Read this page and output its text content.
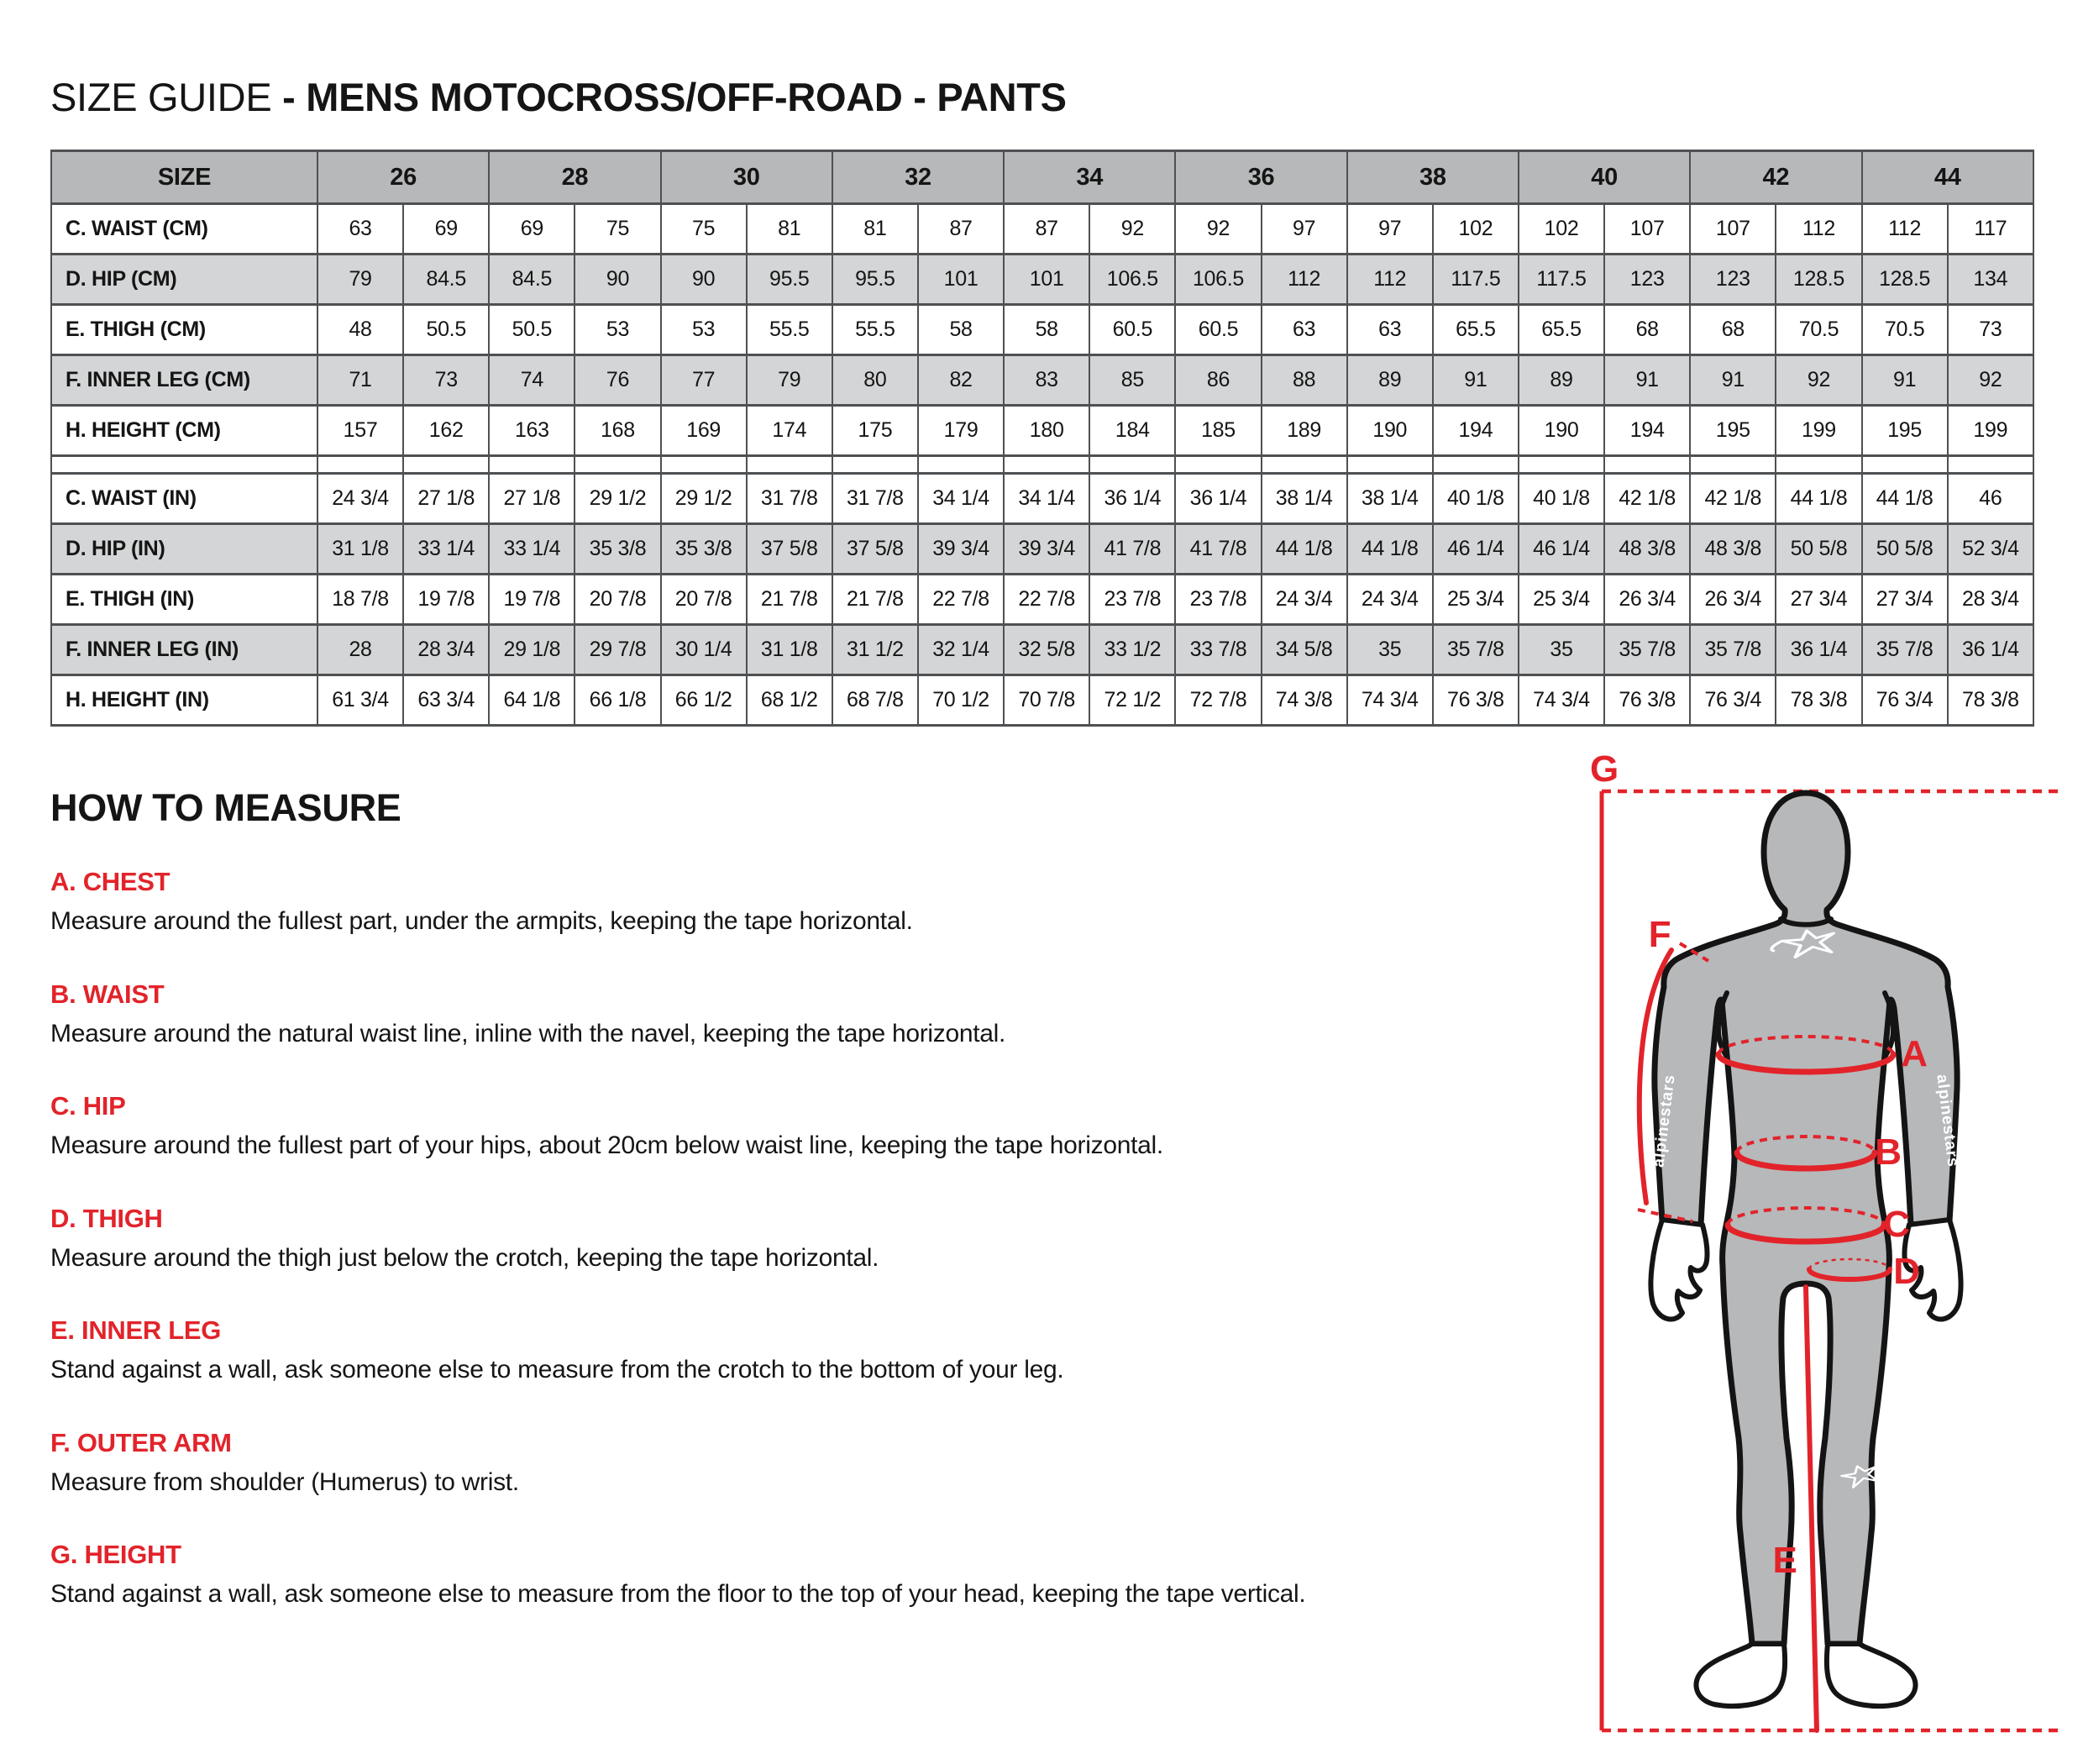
SIZE GUIDE - MENS MOTOCROSS/OFF-ROAD - PANTS
SIZE	26		28		30		32		34		36		38		40		42		44	
C. WAIST (CM)	63	69	69	75	75	81	81	87	87	92	92	97	97	102	102	107	107	112	112	117
D. HIP (CM)	79	84.5	84.5	90	90	95.5	95.5	101	101	106.5	106.5	112	112	117.5	117.5	123	123	128.5	128.5	134
E. THIGH (CM)	48	50.5	50.5	53	53	55.5	55.5	58	58	60.5	60.5	63	63	65.5	65.5	68	68	70.5	70.5	73
F. INNER LEG (CM)	71	73	74	76	77	79	80	82	83	85	86	88	89	91	89	91	91	92	91	92
H. HEIGHT (CM)	157	162	163	168	169	174	175	179	180	184	185	189	190	194	190	194	195	199	195	199

C. WAIST (IN)	24 3/4	27 1/8	27 1/8	29 1/2	29 1/2	31 7/8	31 7/8	34 1/4	34 1/4	36 1/4	36 1/4	38 1/4	38 1/4	40 1/8	40 1/8	42 1/8	42 1/8	44 1/8	44 1/8	46
D. HIP (IN)	31 1/8	33 1/4	33 1/4	35 3/8	35 3/8	37 5/8	37 5/8	39 3/4	39 3/4	41 7/8	41 7/8	44 1/8	44 1/8	46 1/4	46 1/4	48 3/8	48 3/8	50 5/8	50 5/8	52 3/4
E. THIGH (IN)	18 7/8	19 7/8	19 7/8	20 7/8	20 7/8	21 7/8	21 7/8	22 7/8	22 7/8	23 7/8	23 7/8	24 3/4	24 3/4	25 3/4	25 3/4	26 3/4	26 3/4	27 3/4	27 3/4	28 3/4
F. INNER LEG (IN)	28	28 3/4	29 1/8	29 7/8	30 1/4	31 1/8	31 1/2	32 1/4	32 5/8	33 1/2	33 7/8	34 5/8	35	35 7/8	35	35 7/8	35 7/8	36 1/4	35 7/8	36 1/4
H. HEIGHT (IN)	61 3/4	63 3/4	64 1/8	66 1/8	66 1/2	68 1/2	68 7/8	70 1/2	70 7/8	72 1/2	72 7/8	74 3/8	74 3/4	76 3/8	74 3/4	76 3/8	76 3/4	78 3/8	76 3/4	78 3/8
HOW TO MEASURE
A. CHEST

Measure around the fullest part, under the armpits, keeping the tape horizontal.

B. WAIST

Measure around the natural waist line, inline with the navel, keeping the tape horizontal.

C. HIP

Measure around the fullest part of your hips, about 20cm below waist line, keeping the tape horizontal.

D. THIGH

Measure around the thigh just below the crotch, keeping the tape horizontal.

E. INNER LEG

Stand against a wall, ask someone else to measure from the crotch to the bottom of your leg.

F. OUTER ARM

Measure from shoulder (Humerus) to wrist.

G. HEIGHT

Stand against a wall, ask someone else to measure from the floor to the top of your head, keeping the tape vertical.

alpinestars	alpinestars
G
F
A
B
C
D
E
